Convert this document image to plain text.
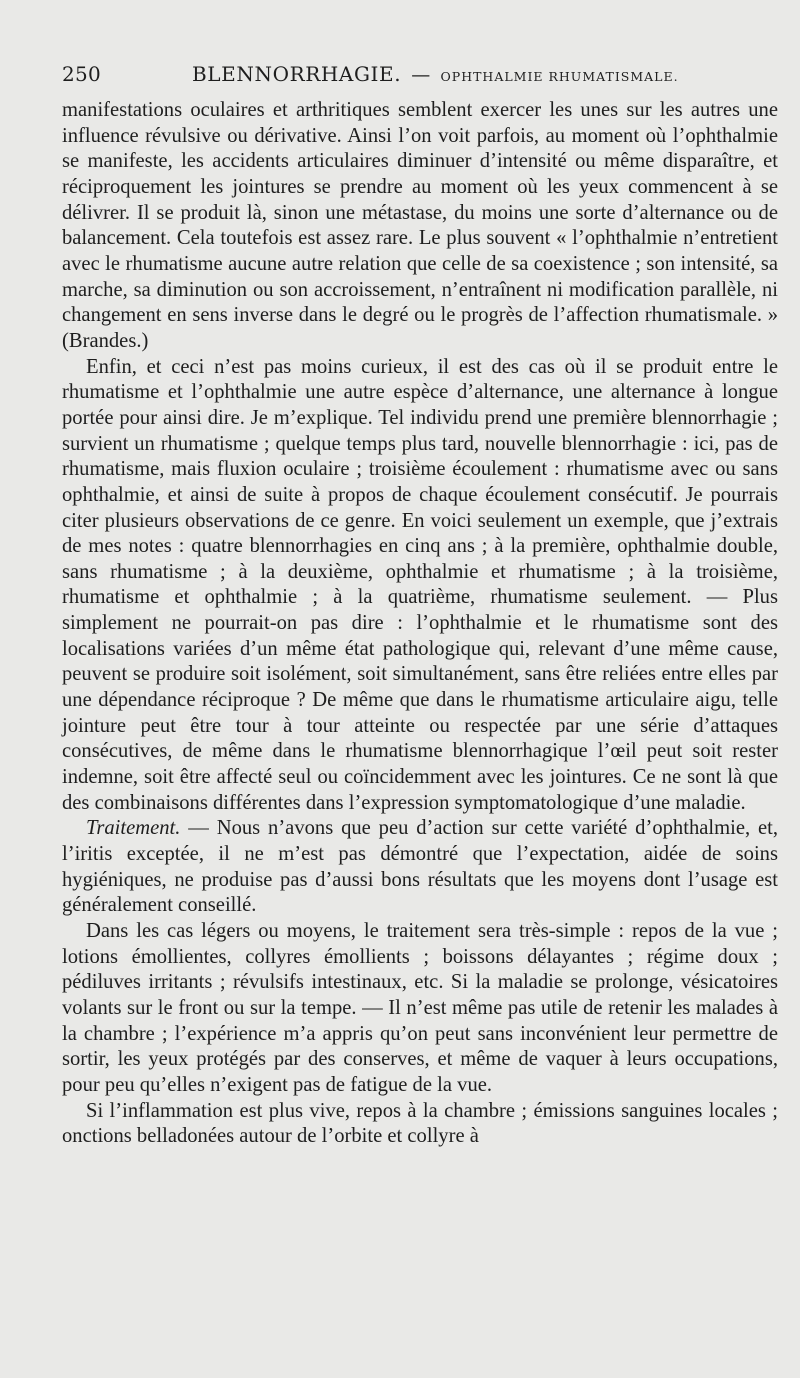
250	BLENNORRHAGIE. — OPHTHALMIE RHUMATISMALE.

manifestations oculaires et arthritiques semblent exercer les unes sur les autres une influence révulsive ou dérivative. Ainsi l’on voit parfois, au moment où l’ophthalmie se manifeste, les accidents articulaires diminuer d’intensité ou même disparaître, et réciproquement les jointures se prendre au moment où les yeux commencent à se délivrer. Il se produit là, sinon une métastase, du moins une sorte d’alternance ou de balancement. Cela toutefois est assez rare. Le plus souvent « l’ophthalmie n’entretient avec le rhumatisme aucune autre relation que celle de sa coexistence ; son intensité, sa marche, sa diminution ou son accroissement, n’entraînent ni modification parallèle, ni changement en sens inverse dans le degré ou le progrès de l’affection rhumatismale. » (Brandes.)

Enfin, et ceci n’est pas moins curieux, il est des cas où il se produit entre le rhumatisme et l’ophthalmie une autre espèce d’alternance, une alternance à longue portée pour ainsi dire. Je m’explique. Tel individu prend une première blennorrhagie ; survient un rhumatisme ; quelque temps plus tard, nouvelle blennorrhagie : ici, pas de rhumatisme, mais fluxion oculaire ; troisième écoulement : rhumatisme avec ou sans ophthalmie, et ainsi de suite à propos de chaque écoulement consécutif. Je pourrais citer plusieurs observations de ce genre. En voici seulement un exemple, que j’extrais de mes notes : quatre blennorrhagies en cinq ans ; à la première, ophthalmie double, sans rhumatisme ; à la deuxième, ophthalmie et rhumatisme ; à la troisième, rhumatisme et ophthalmie ; à la quatrième, rhumatisme seulement. — Plus simplement ne pourrait-on pas dire : l’ophthalmie et le rhumatisme sont des localisations variées d’un même état pathologique qui, relevant d’une même cause, peuvent se produire soit isolément, soit simultanément, sans être reliées entre elles par une dépendance réciproque ? De même que dans le rhumatisme articulaire aigu, telle jointure peut être tour à tour atteinte ou respectée par une série d’attaques consécutives, de même dans le rhumatisme blennorrhagique l’œil peut soit rester indemne, soit être affecté seul ou coïncidemment avec les jointures. Ce ne sont là que des combinaisons différentes dans l’expression symptomatologique d’une maladie.

Traitement. — Nous n’avons que peu d’action sur cette variété d’ophthalmie, et, l’iritis exceptée, il ne m’est pas démontré que l’expectation, aidée de soins hygiéniques, ne produise pas d’aussi bons résultats que les moyens dont l’usage est généralement conseillé.

Dans les cas légers ou moyens, le traitement sera très-simple : repos de la vue ; lotions émollientes, collyres émollients ; boissons délayantes ; régime doux ; pédiluves irritants ; révulsifs intestinaux, etc. Si la maladie se prolonge, vésicatoires volants sur le front ou sur la tempe. — Il n’est même pas utile de retenir les malades à la chambre ; l’expérience m’a appris qu’on peut sans inconvénient leur permettre de sortir, les yeux protégés par des conserves, et même de vaquer à leurs occupations, pour peu qu’elles n’exigent pas de fatigue de la vue.

Si l’inflammation est plus vive, repos à la chambre ; émissions sanguines locales ; onctions belladonées autour de l’orbite et collyre à
